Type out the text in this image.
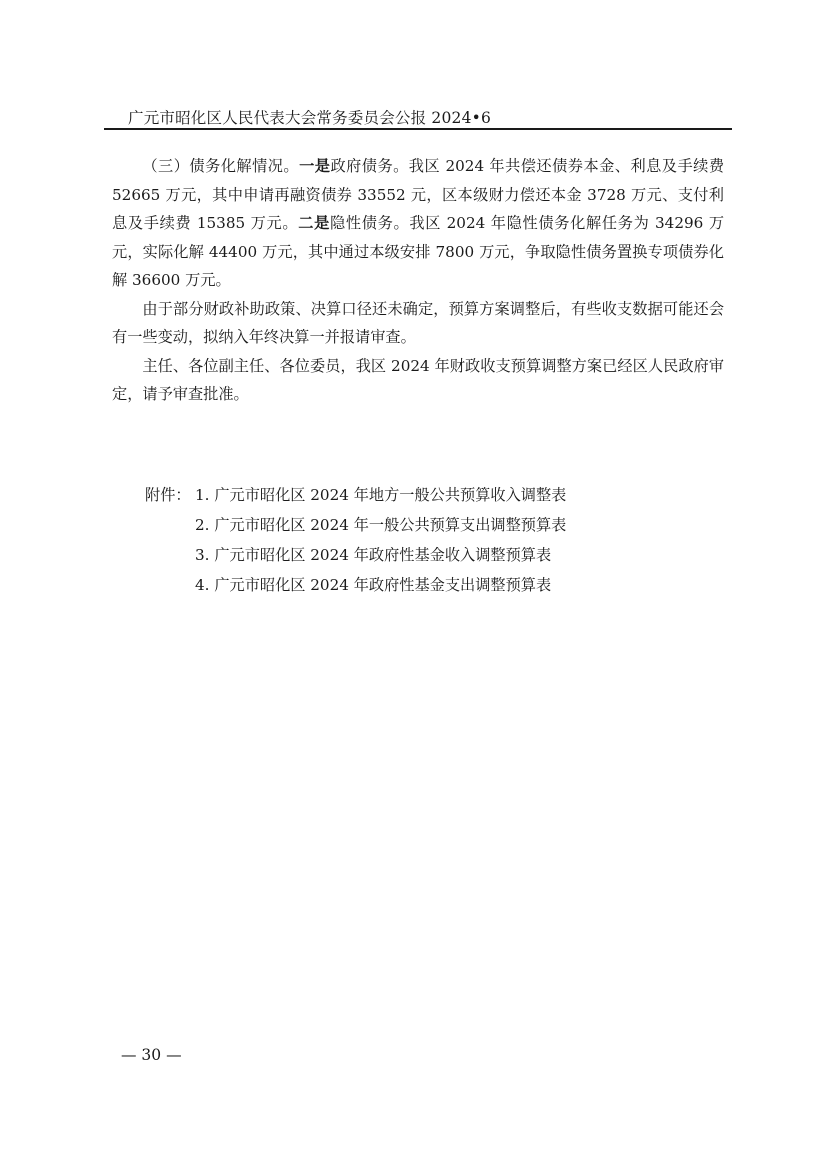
广元市昭化区人民代表大会常务委员会公报 2024•6

（三）债务化解情况。一是政府债务。我区 2024 年共偿还债券本金、利息及手续费 52665 万元，其中申请再融资债券 33552 元，区本级财力偿还本金 3728 万元、支付利息及手续费 15385 万元。二是隐性债务。我区 2024 年隐性债务化解任务为 34296 万元，实际化解 44400 万元，其中通过本级安排 7800 万元，争取隐性债务置换专项债券化解 36600 万元。

由于部分财政补助政策、决算口径还未确定，预算方案调整后，有些收支数据可能还会有一些变动，拟纳入年终决算一并报请审查。

主任、各位副主任、各位委员，我区 2024 年财政收支预算调整方案已经区人民政府审定，请予审查批准。

附件： 1. 广元市昭化区 2024 年地方一般公共预算收入调整表
2. 广元市昭化区 2024 年一般公共预算支出调整预算表
3. 广元市昭化区 2024 年政府性基金收入调整预算表
4. 广元市昭化区 2024 年政府性基金支出调整预算表
— 30 —
